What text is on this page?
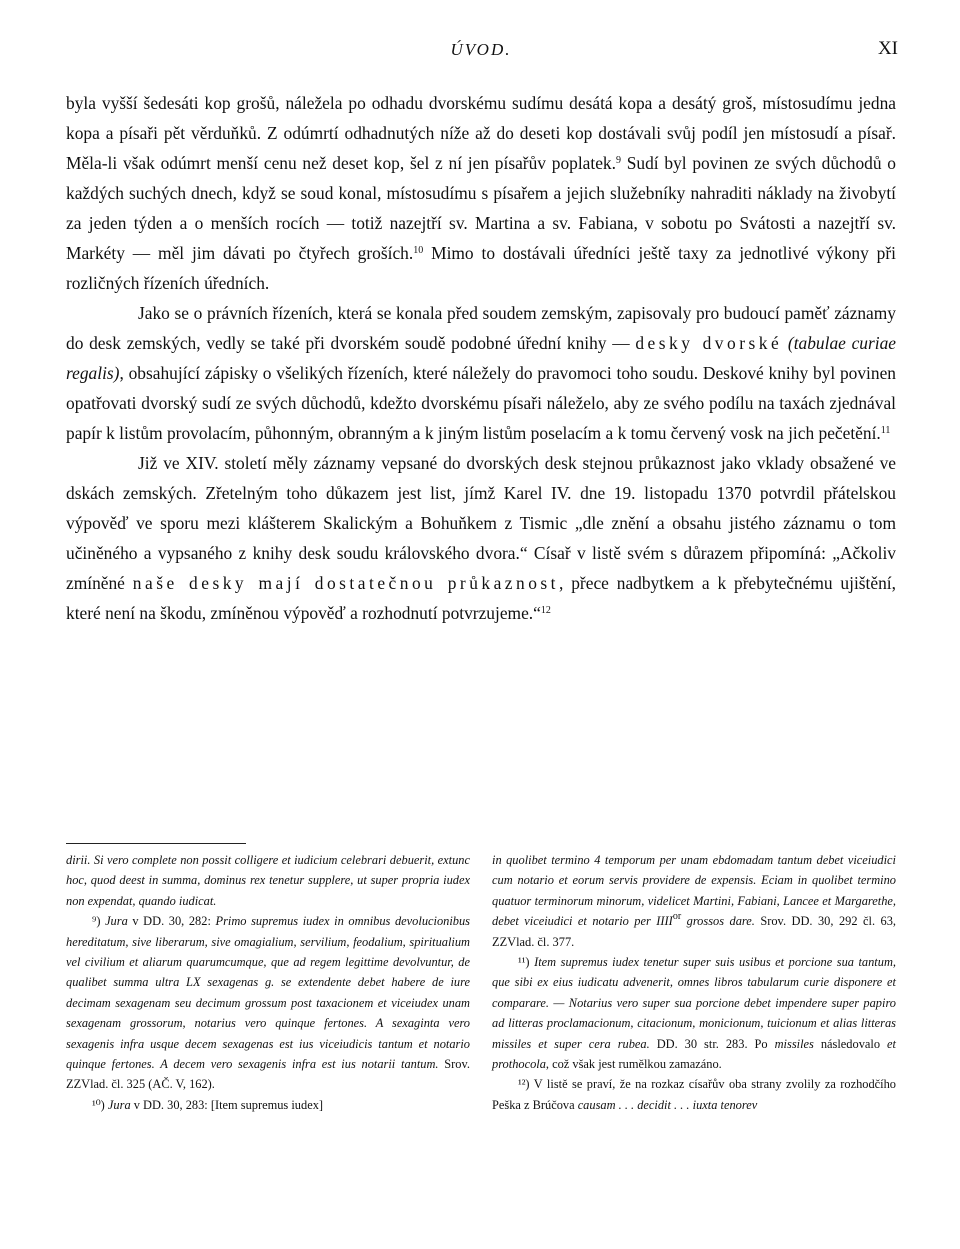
ÚVOD.	XI

byla vyšší šedesáti kop grošů, náležela po odhadu dvorskému sudímu desátá kopa a desátý groš, místosudímu jedna kopa a písaři pět věrduňků. Z odúmrtí odhadnutých níže až do deseti kop dostávali svůj podíl jen místosudí a písař. Měla-li však odúmrt menší cenu než deset kop, šel z ní jen písařův poplatek.$^9$ Sudí byl povinen ze svých důchodů o každých suchých dnech, když se soud konal, místosudímu s písařem a jejich služebníky nahraditi náklady na živobytí za jeden týden a o menších rocích — totiž nazejtří sv. Martina a sv. Fabiana, v sobotu po Svátosti a nazejtří sv. Markéty — měl jim dávati po čtyřech groších.$^{10}$ Mimo to dostávali úředníci ještě taxy za jednotlivé výkony při rozličných řízeních úředních.

Jako se o právních řízeních, která se konala před soudem zemským, zapisovaly pro budoucí paměť záznamy do desk zemských, vedly se také při dvorském soudě podobné úřední knihy — desky dvorské (tabulae curiae regalis), obsahující zápisky o všelikých řízeních, které náležely do pravomoci toho soudu. Deskové knihy byl povinen opatřovati dvorský sudí ze svých důchodů, kdežto dvorskému písaři náleželo, aby ze svého podílu na taxách zjednával papír k listům provolacím, půhonným, obranným a k jiným listům poselacím a k tomu červený vosk na jich pečetění.$^{11}$

Již ve XIV. století měly záznamy vepsané do dvorských desk stejnou průkaznost jako vklady obsažené ve dskách zemských. Zřetelným toho důkazem jest list, jímž Karel IV. dne 19. listopadu 1370 potvrdil přátelskou výpověď ve sporu mezi klášterem Skalickým a Bohuňkem z Tismic „dle znění a obsahu jistého záznamu o tom učiněného a vypsaného z knihy desk soudu královského dvora.“ Císař v listě svém s důrazem připomíná: „Ačkoliv zmíněné naše desky mají dostatečnou průkaznost, přece nadbytkem a k přebytečnému ujištění, které není na škodu, zmíněnou výpověď a rozhodnutí potvrzujeme.“$^{12}$

dirii. Si vero complete non possit colligere et iudicium celebrari debuerit, extunc hoc, quod deest in summa, dominus rex tenetur supplere, ut super propria iudex non expendat, quando iudicat.

⁹) Jura v DD. 30, 282: Primo supremus iudex in omnibus devolucionibus hereditatum, sive liberarum, sive omagialium, servilium, feodalium, spiritualium vel civilium et aliarum quarumcumque, que ad regem legittime devolvuntur, de qualibet summa ultra LX sexagenas g. se extendente debet habere de iure decimam sexagenam seu decimum grossum post taxacionem et viceiudex unam sexagenam grossorum, notarius vero quinque fertones. A sexaginta vero sexagenis infra usque decem sexagenas est ius viceiudicis tantum et notario quinque fertones. A decem vero sexagenis infra est ius notarii tantum. Srov. ZZVlad. čl. 325 (AČ. V, 162).

¹⁰) Jura v DD. 30, 283: [Item supremus iudex]

in quolibet termino 4 temporum per unam ebdomadam tantum debet viceiudici cum notario et eorum servis providere de expensis. Eciam in quolibet termino quatuor terminorum minorum, videlicet Martini, Fabiani, Lancee et Margarethe, debet viceiudici et notario per $IIII^{or}$ grossos dare. Srov. DD. 30, 292 čl. 63, ZZVlad. čl. 377.

¹¹) Item supremus iudex tenetur super suis usibus et porcione sua tantum, que sibi ex eius iudicatu advenerit, omnes libros tabularum curie disponere et comparare. — Notarius vero super sua porcione debet impendere super papiro ad litteras proclamacionum, citacionum, monicionum, tuicionum et alias litteras missiles et super cera rubea. DD. 30 str. 283. Po missiles následovalo et prothocola, což však jest rumělkou zamazáno.

¹²) V listě se praví, že na rozkaz císařův oba strany zvolily za rozhodčího Peška z Brúčova causam . . . decidit . . . iuxta tenorev
